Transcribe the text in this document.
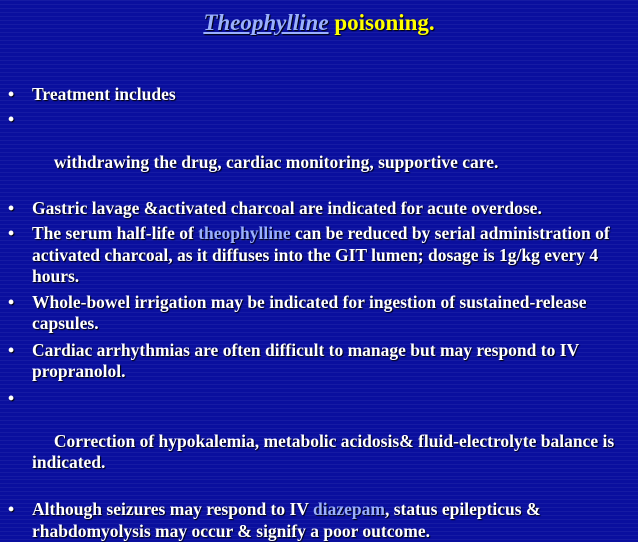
Theophylline poisoning.
• Treatment includes

•

withdrawing the drug, cardiac monitoring, supportive care.

• Gastric lavage &activated charcoal are indicated for acute overdose.
• The serum half-life of theophylline can be reduced by serial administration of activated charcoal, as it diffuses into the GIT lumen; dosage is 1g/kg every 4 hours.
• Whole-bowel irrigation may be indicated for ingestion of sustained-release capsules.
• Cardiac arrhythmias are often difficult to manage but may respond to IV propranolol.

•

Correction of hypokalemia, metabolic acidosis& fluid-electrolyte balance is indicated.

• Although seizures may respond to IV diazepam, status epilepticus & rhabdomyolysis may occur & signify a poor outcome.
